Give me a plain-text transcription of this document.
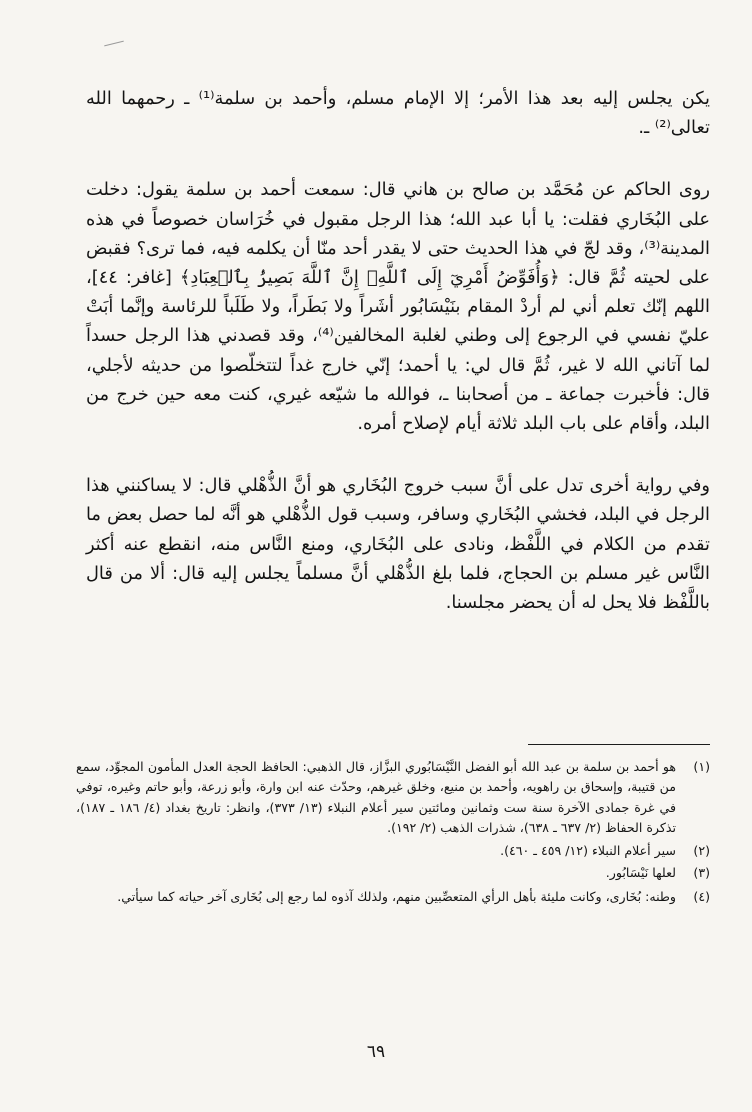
يكن يجلس إليه بعد هذا الأمر؛ إلا الإمام مسلم، وأحمد بن سلمة⁽¹⁾ ـ رحمهما الله تعالى⁽²⁾ ـ.

روى الحاكم عن مُحَمَّد بن صالح بن هاني قال: سمعت أحمد بن سلمة يقول: دخلت على البُخَاري فقلت: يا أبا عبد الله؛ هذا الرجل مقبول في خُرَاسان خصوصاً في هذه المدينة⁽³⁾، وقد لجّ في هذا الحديث حتى لا يقدر أحد منّا أن يكلمه فيه، فما ترى؟ فقبض على لحيته ثُمَّ قال: ﴿وَأُفَوِّضُ أَمْرِيٓ إِلَى ٱللَّهِۚ إِنَّ ٱللَّهَ بَصِيرُۢ بِٱلۡعِبَادِ﴾ [غافر: ٤٤]، اللهم إنّك تعلم أني لم أردْ المقام بنَيْسَابُور أشَراً ولا بَطَراً، ولا طَلَباً للرئاسة وإنَّما أبَتْ عليّ نفسي في الرجوع إلى وطني لغلبة المخالفين⁽⁴⁾، وقد قصدني هذا الرجل حسداً لما آتاني الله لا غير، ثُمَّ قال لي: يا أحمد؛ إنّي خارج غداً لتتخلّصوا من حديثه لأجلي، قال: فأخبرت جماعة ـ من أصحابنا ـ، فوالله ما شيّعه غيري، كنت معه حين خرج من البلد، وأقام على باب البلد ثلاثة أيام لإصلاح أمره.

وفي رواية أخرى تدل على أنَّ سبب خروج البُخَاري هو أنَّ الذُّهْلي قال: لا يساكنني هذا الرجل في البلد، فخشي البُخَاري وسافر، وسبب قول الذُّهْلي هو أنَّه لما حصل بعض ما تقدم من الكلام في اللَّفْظ، ونادى على البُخَاري، ومنع النَّاس منه، انقطع عنه أكثر النَّاس غير مسلم بن الحجاج، فلما بلغ الذُّهْلي أنَّ مسلماً يجلس إليه قال: ألا من قال باللَّفْظ فلا يحل له أن يحضر مجلسنا.

(١)
هو أحمد بن سلمة بن عبد الله أبو الفضل النَّيْسَابُوري البزَّاز، قال الذهبي: الحافظ الحجة العدل المأمون المجوِّد، سمع من قتيبة، وإسحاق بن راهويه، وأحمد بن منيع، وخلق غيرهم، وحدّث عنه ابن وارة، وأبو زرعة، وأبو حاتم وغيره، توفي في غرة جمادى الآخرة سنة ست وثمانين ومائتين سير أعلام النبلاء (١٣/ ٣٧٣)، وانظر: تاريخ بغداد (٤/ ١٨٦ ـ ١٨٧)، تذكرة الحفاظ (٢/ ٦٣٧ ـ ٦٣٨)، شذرات الذهب (٢/ ١٩٢).
(٢)
سير أعلام النبلاء (١٢/ ٤٥٩ ـ ٤٦٠).
(٣)
لعلها نَيْسَابُور.
(٤)
وطنه: بُخَارى، وكانت مليئة بأهل الرأي المتعصِّبين منهم، ولذلك آذوه لما رجع إلى بُخَارى آخر حياته كما سيأتي.
٦٩
